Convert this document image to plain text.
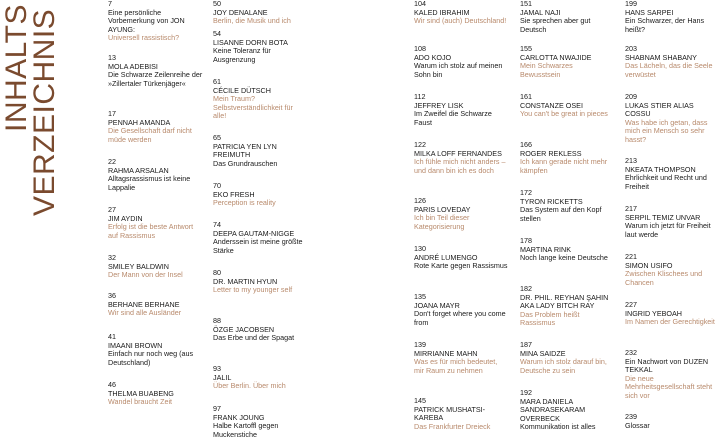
INHALTS
VERZEICHNIS
7
Eine persönliche Vorbemerkung von JON AYUNG:
Universell rassistisch?
13
MOLA ADEBISI
Die Schwarze Zeilenreihe der »Zillertaler Türkenjäger«
17
PENNAH AMANDA
Die Gesellschaft darf nicht müde werden
22
RAHMA ARSALAN
Alltagsrassismus ist keine Lappalie
27
JIM AYDIN
Erfolg ist die beste Antwort auf Rassismus
32
SMILEY BALDWIN
Der Mann von der Insel
36
BERHANE BERHANE
Wir sind alle Ausländer
41
IMAANI BROWN
Einfach nur noch weg (aus Deutschland)
46
THELMA BUABENG
Wandel braucht Zeit
50
JOY DENALANE
Berlin, die Musik und ich
54
LISANNE DORN BOTA
Keine Toleranz für Ausgrenzung
61
CÉCILE DÜTSCH
Mein Traum? Selbstverständlichkeit für alle!
65
PATRICIA YEN LYN FREIMUTH
Das Grundrauschen
70
EKO FRESH
Perception is reality
74
DEEPA GAUTAM-NIGGE
Anderssein ist meine größte Stärke
80
DR. MARTIN HYUN
Letter to my younger self
88
ÖZGE JACOBSEN
Das Erbe und der Spagat
93
JALIL
Über Berlin. Über mich
97
FRANK JOUNG
Halbe Kartoffl gegen Muckenstiche
104
KALED IBRAHIM
Wir sind (auch) Deutschland!
108
ADO KOJO
Warum ich stolz auf meinen Sohn bin
112
JEFFREY LISK
Im Zweifel die Schwarze Faust
122
MILKA LOFF FERNANDES
Ich fühle mich nicht anders – und dann bin ich es doch
126
PARIS LOVEDAY
Ich bin Teil dieser Kategorisierung
130
ANDRÉ LUMENGO
Rote Karte gegen Rassismus
135
JOANA MAYR
Don't forget where you come from
139
MIRRIANNE MAHN
Was es für mich bedeutet, mir Raum zu nehmen
145
PATRICK MUSHATSI-KAREBA
Das Frankfurter Dreieck
151
JAMAL NAJI
Sie sprechen aber gut Deutsch
155
CARLOTTA NWAJIDE
Mein Schwarzes Bewusstsein
161
CONSTANZE OSEI
You can't be great in pieces
166
ROGER REKLESS
Ich kann gerade nicht mehr kämpfen
172
TYRON RICKETTS
Das System auf den Kopf stellen
178
MARTINA RINK
Noch lange keine Deutsche
182
DR. PHIL. REYHAN ŞAHIN AKA LADY BITCH RAY
Das Problem heißt Rassismus
187
MINA SAIDZE
Warum ich stolz darauf bin, Deutsche zu sein
192
MARA DANIELA SANDRASEKARAM OVERBECK
Kommunikation ist alles
199
HANS SARPEI
Ein Schwarzer, der Hans heißt?
203
SHABNAM SHABANY
Das Lächeln, das die Seele verwüstet
209
LUKAS STIER ALIAS COSSU
Was habe ich getan, dass mich ein Mensch so sehr hasst?
213
NKEATA THOMPSON
Ehrlichkeit und Recht und Freiheit
217
SERPIL TEMIZ UNVAR
Warum ich jetzt für Freiheit laut werde
221
SIMON USIFO
Zwischen Klischees und Chancen
227
INGRID YEBOAH
Im Namen der Gerechtigkeit
232
Ein Nachwort von DUZEN TEKKAL
Die neue Mehrheitsgesellschaft steht sich vor
239
Glossar
